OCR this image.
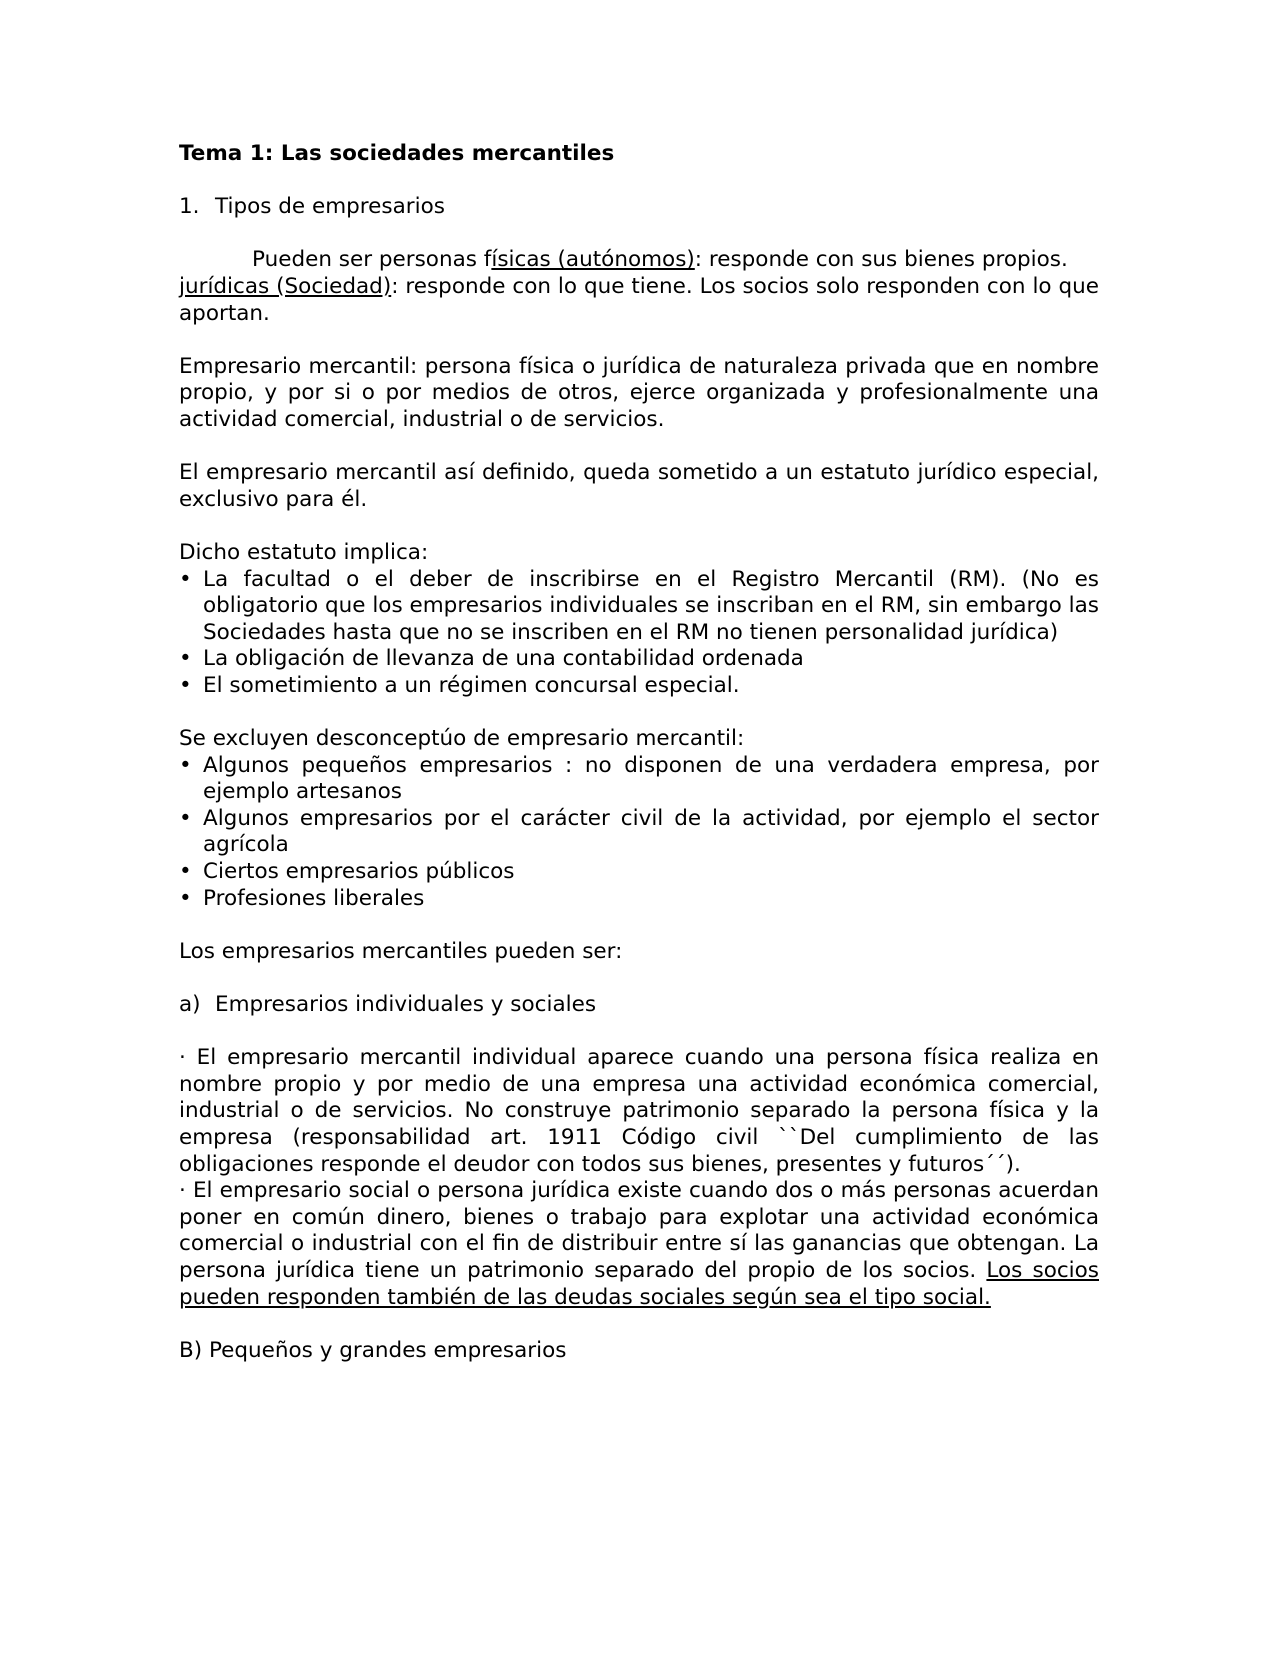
Tema 1: Las sociedades mercantiles

1. Tipos de empresarios

Pueden ser personas físicas (autónomos): responde con sus bienes propios.

jurídicas (Sociedad): responde con lo que tiene. Los socios solo responden con lo que aportan.

Empresario mercantil: persona física o jurídica de naturaleza privada que en nombre propio, y por si o por medios de otros, ejerce organizada y profesionalmente una actividad comercial, industrial o de servicios.

El empresario mercantil así definido, queda sometido a un estatuto jurídico especial, exclusivo para él.

Dicho estatuto implica:

• La facultad o el deber de inscribirse en el Registro Mercantil (RM). (No es obligatorio que los empresarios individuales se inscriban en el RM, sin embargo las Sociedades hasta que no se inscriben en el RM no tienen personalidad jurídica)
• La obligación de llevanza de una contabilidad ordenada
• El sometimiento a un régimen concursal especial.

Se excluyen desconceptúo de empresario mercantil:

• Algunos pequeños empresarios : no disponen de una verdadera empresa, por ejemplo artesanos
• Algunos empresarios por el carácter civil de la actividad, por ejemplo el sector agrícola
• Ciertos empresarios públicos
• Profesiones liberales

Los empresarios mercantiles pueden ser:

a) Empresarios individuales y sociales

· El empresario mercantil individual aparece cuando una persona física realiza en nombre propio y por medio de una empresa una actividad económica comercial, industrial o de servicios. No construye patrimonio separado la persona física y la empresa (responsabilidad art. 1911 Código civil ``Del cumplimiento de las obligaciones responde el deudor con todos sus bienes, presentes y futuros´´).

· El empresario social o persona jurídica existe cuando dos o más personas acuerdan poner en común dinero, bienes o trabajo para explotar una actividad económica comercial o industrial con el fin de distribuir entre sí las ganancias que obtengan. La persona jurídica tiene un patrimonio separado del propio de los socios. Los socios pueden responden también de las deudas sociales según sea el tipo social.

B) Pequeños y grandes empresarios
